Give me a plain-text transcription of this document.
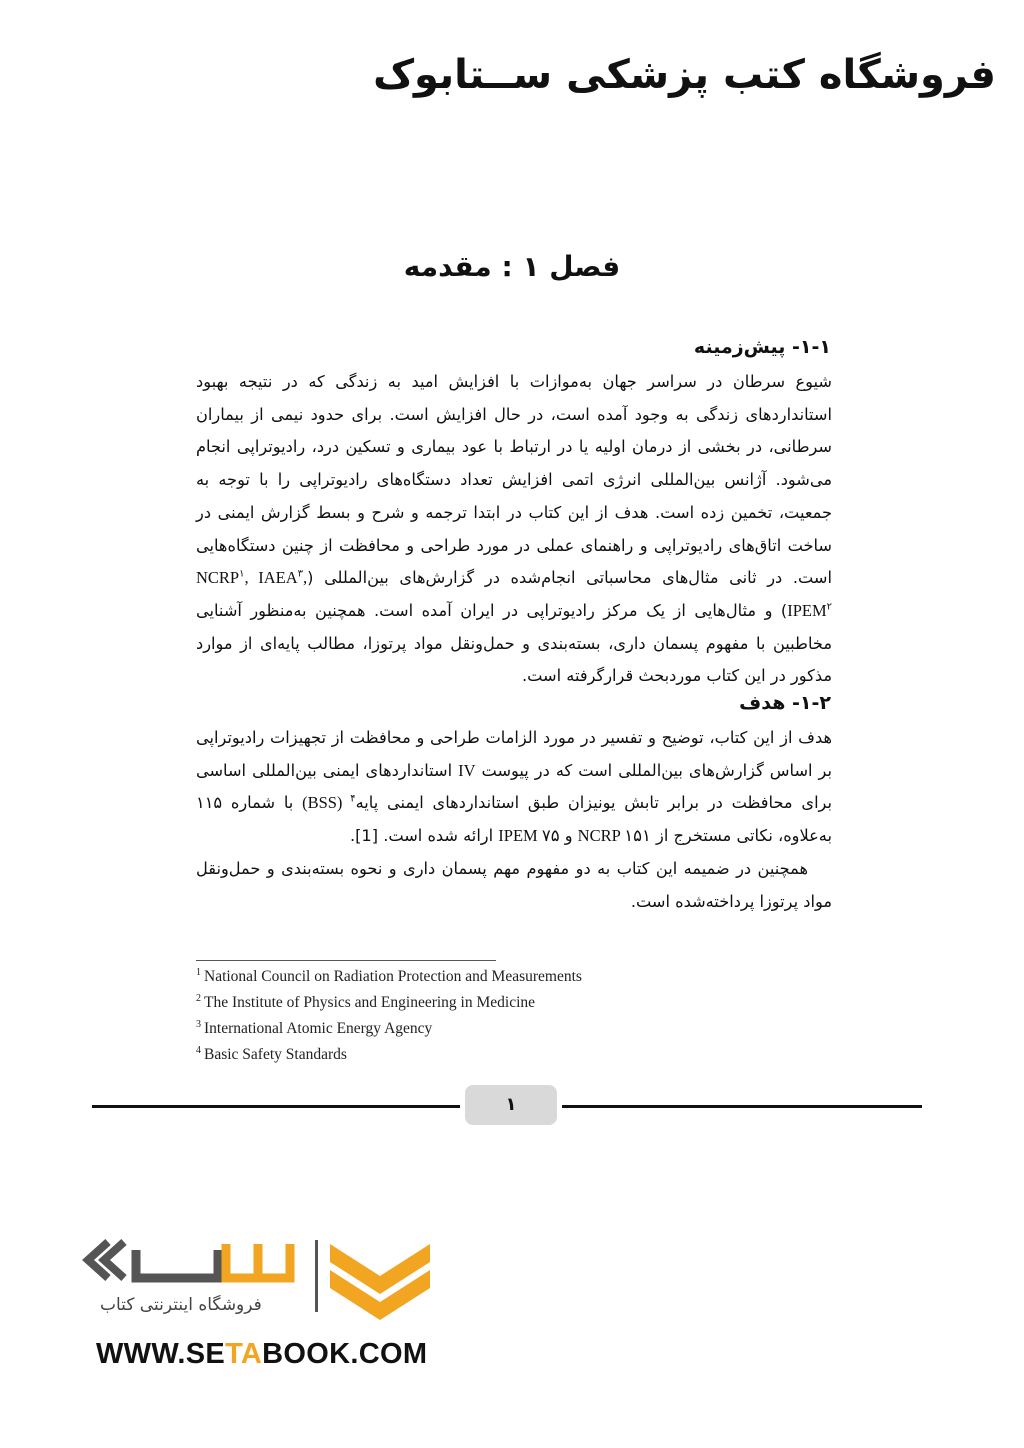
فروشگاه کتب پزشکی ســتابوک
فصل ۱ : مقدمه
۱-۱- پیش‌زمینه
شیوع سرطان در سراسر جهان به‌موازات با افزایش امید به زندگی که در نتیجه بهبود استانداردهای زندگی به وجود آمده است، در حال افزایش است. برای حدود نیمی از بیماران سرطانی، در بخشی از درمان اولیه یا در ارتباط با عود بیماری و تسکین درد، رادیوتراپی انجام می‌شود. آژانس بین‌المللی انرژی اتمی افزایش تعداد دستگاه‌های رادیوتراپی را با توجه به جمعیت، تخمین زده است. هدف از این کتاب در ابتدا ترجمه و شرح و بسط گزارش ایمنی در ساخت اتاق‌های رادیوتراپی و راهنمای عملی در مورد طراحی و محافظت از چنین دستگاه‌هایی است. در ثانی مثال‌های محاسباتی انجام‌شده در گزارش‌های بین‌المللی (NCRP$^۱$, IAEA$^۳$, IPEM$^۲$) و مثال‌هایی از یک مرکز رادیوتراپی در ایران آمده است. همچنین به‌منظور آشنایی مخاطبین با مفهوم پسمان داری، بسته‌بندی و حمل‌ونقل مواد پرتوزا، مطالب پایه‌ای از موارد مذکور در این کتاب موردبحث قرارگرفته است.
۱-۲- هدف
هدف از این کتاب، توضیح و تفسیر در مورد الزامات طراحی و محافظت از تجهیزات رادیوتراپی بر اساس گزارش‌های بین‌المللی است که در پیوست IV استانداردهای ایمنی بین‌المللی اساسی برای محافظت در برابر تابش یونیزان طبق استانداردهای ایمنی پایه$^۴$ (BSS) با شماره ۱۱۵ به‌علاوه، نکاتی مستخرج از NCRP ۱۵۱ و IPEM ۷۵ ارائه شده است. [1].
همچنین در ضمیمه این کتاب به دو مفهوم مهم پسمان داری و نحوه بسته‌بندی و حمل‌ونقل مواد پرتوزا پرداخته‌شده است.
$^1$ National Council on Radiation Protection and Measurements
$^2$ The Institute of Physics and Engineering in Medicine
$^3$ International Atomic Energy Agency
$^4$ Basic Safety Standards
۱
فروشگاه اینترنتی کتاب
WWW.SETABOOK.COM
